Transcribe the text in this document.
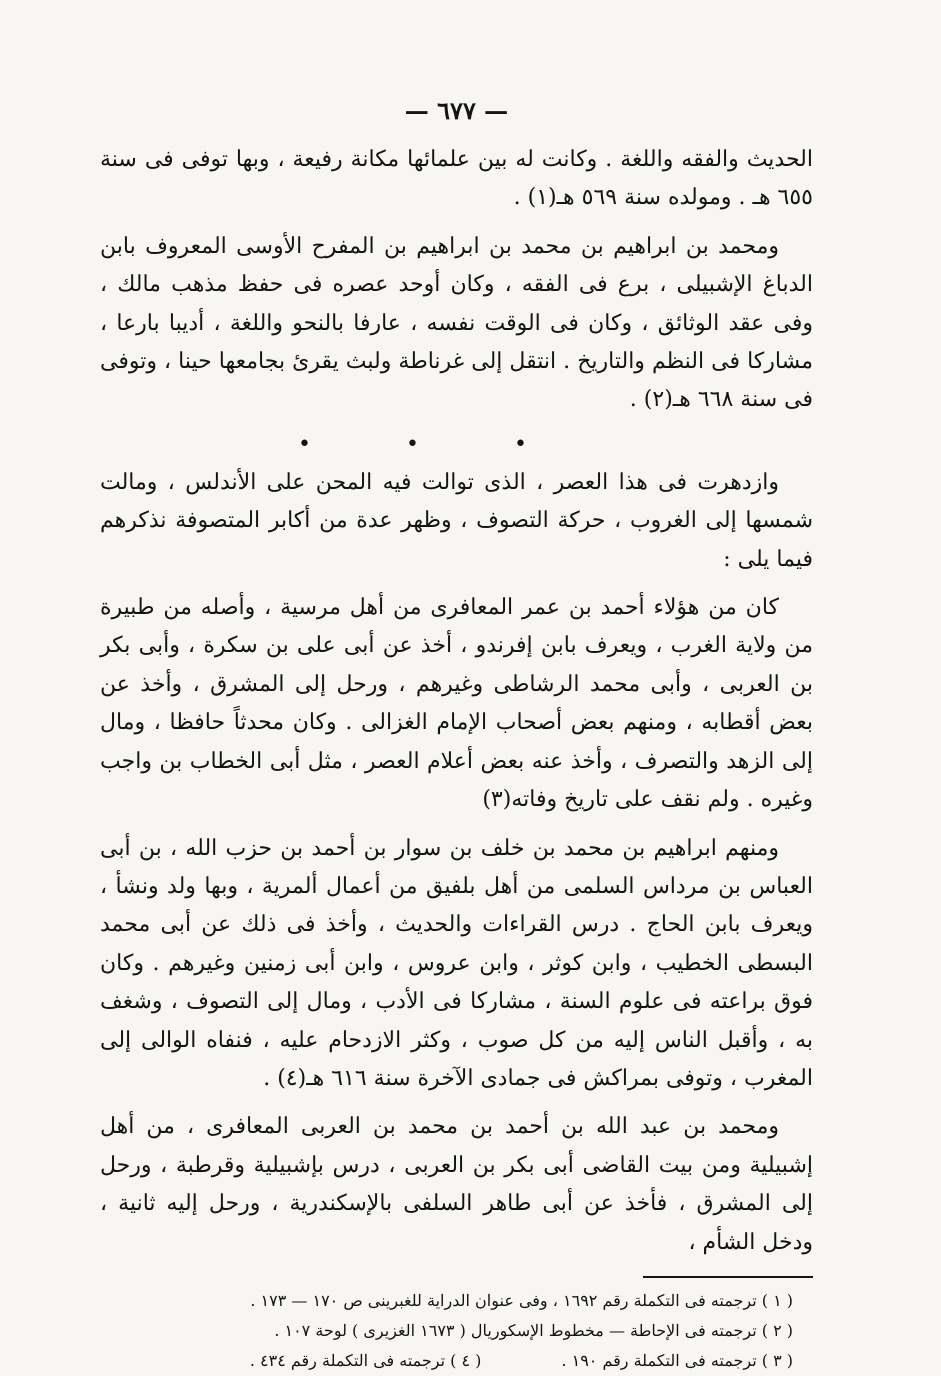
— ٦٧٧ —

الحديث والفقه واللغة . وكانت له بين علمائها مكانة رفيعة ، وبها توفى فى سنة ٦٥٥ هـ . ومولده سنة ٥٦٩ هـ(١) .

ومحمد بن ابراهيم بن محمد بن ابراهيم بن المفرح الأوسى المعروف بابن الدباغ الإشبيلى ، برع فى الفقه ، وكان أوحد عصره فى حفظ مذهب مالك ، وفى عقد الوثائق ، وكان فى الوقت نفسه ، عارفا بالنحو واللغة ، أديبا بارعا ، مشاركا فى النظم والتاريخ . انتقل إلى غرناطة ولبث يقرئ بجامعها حينا ، وتوفى فى سنة ٦٦٨ هـ(٢) .

• • •

وازدهرت فى هذا العصر ، الذى توالت فيه المحن على الأندلس ، ومالت شمسها إلى الغروب ، حركة التصوف ، وظهر عدة من أكابر المتصوفة نذكرهم فيما يلى :

كان من هؤلاء أحمد بن عمر المعافرى من أهل مرسية ، وأصله من طبيرة من ولاية الغرب ، ويعرف بابن إفرندو ، أخذ عن أبى على بن سكرة ، وأبى بكر بن العربى ، وأبى محمد الرشاطى وغيرهم ، ورحل إلى المشرق ، وأخذ عن بعض أقطابه ، ومنهم بعض أصحاب الإمام الغزالى . وكان محدثاً حافظا ، ومال إلى الزهد والتصرف ، وأخذ عنه بعض أعلام العصر ، مثل أبى الخطاب بن واجب وغيره . ولم نقف على تاريخ وفاته(٣)

ومنهم ابراهيم بن محمد بن خلف بن سوار بن أحمد بن حزب الله ، بن أبى العباس بن مرداس السلمى من أهل بلفيق من أعمال ألمرية ، وبها ولد ونشأ ، ويعرف بابن الحاج . درس القراءات والحديث ، وأخذ فى ذلك عن أبى محمد البسطى الخطيب ، وابن كوثر ، وابن عروس ، وابن أبى زمنين وغيرهم . وكان فوق براعته فى علوم السنة ، مشاركا فى الأدب ، ومال إلى التصوف ، وشغف به ، وأقبل الناس إليه من كل صوب ، وكثر الازدحام عليه ، فنفاه الوالى إلى المغرب ، وتوفى بمراكش فى جمادى الآخرة سنة ٦١٦ هـ(٤) .

ومحمد بن عبد الله بن أحمد بن محمد بن العربى المعافرى ، من أهل إشبيلية ومن بيت القاضى أبى بكر بن العربى ، درس بإشبيلية وقرطبة ، ورحل إلى المشرق ، فأخذ عن أبى طاهر السلفى بالإسكندرية ، ورحل إليه ثانية ، ودخل الشأم ،

( ١ ) ترجمته فى التكملة رقم ١٦٩٢ ، وفى عنوان الدراية للغبرينى ص ١٧٠ — ١٧٣ .
( ٢ ) ترجمته فى الإحاطة — مخطوط الإسكوريال ( ١٦٧٣ الغزيرى ) لوحة ١٠٧ .
( ٣ ) ترجمته فى التكملة رقم ١٩٠ .
( ٤ ) ترجمته فى التكملة رقم ٤٣٤ .
